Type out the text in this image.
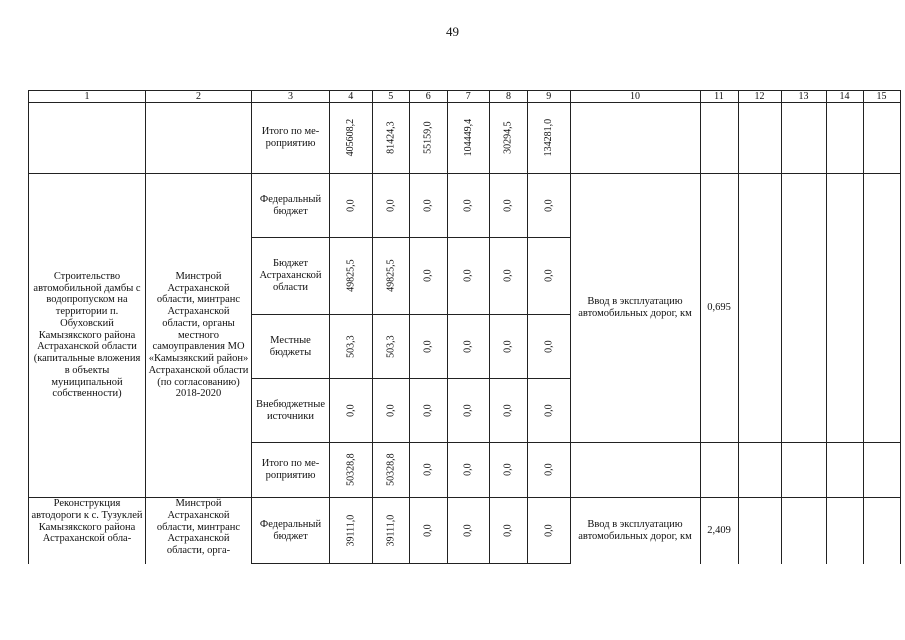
49
1	2	3	4	5	6	7	8	9	10	11	12	13	14	15
		Итого по ме-роприятию	405608,2	81424,3	55159,0	104449,4	30294,5	134281,0						
Строительство автомобильной дамбы с водопропуском на территории п. Обуховский Камызякского района Астраханской области (капитальные вложения в объекты муниципальной собственности)	Минстрой Астраханской области, минтранс Астраханской области, органы местного самоуправления МО «Камызякский район» Астраханской области (по согласованию) 2018-2020	Федеральный бюджет	0,0	0,0	0,0	0,0	0,0	0,0	Ввод в эксплуатацию автомобильных дорог, км	0,695				
		Бюджет Астраханской области	49825,5	49825,5	0,0	0,0	0,0	0,0						
		Местные бюджеты	503,3	503,3	0,0	0,0	0,0	0,0						
		Внебюджетные источники	0,0	0,0	0,0	0,0	0,0	0,0						
		Итого по ме-роприятию	50328,8	50328,8	0,0	0,0	0,0	0,0						
Реконструкция автодороги к с. Тузуклей Камызякского района Астраханской обла-	Минстрой Астраханской области, минтранс Астраханской области, орга-	Федеральный бюджет	39111,0	39111,0	0,0	0,0	0,0	0,0	Ввод в эксплуатацию автомобильных дорог, км	2,409				
